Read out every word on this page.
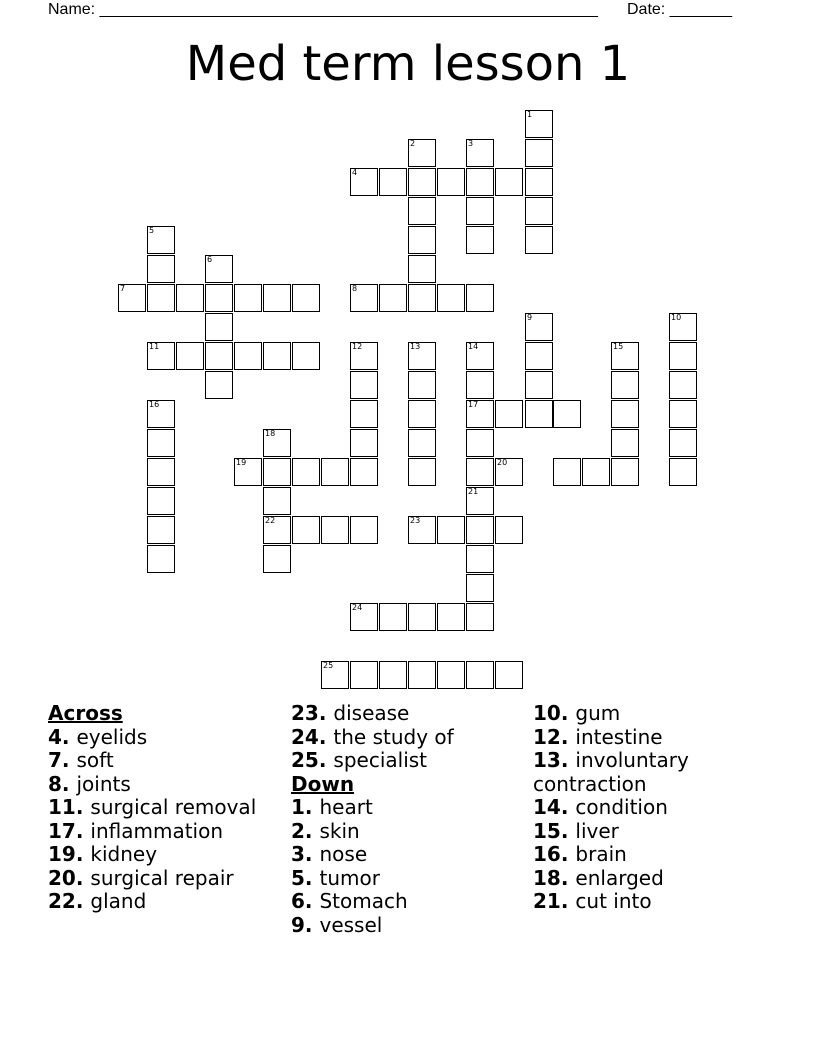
Name: ________________________________________________________ Date: _______
Med term lesson 1
1
2	3
4
5
6
7	8
9	10
11	12	13	14
17
15
16
18
22
19	20
21
23
24
25
Across
4. eyelids
7. soft
8. joints
11. surgical removal
17. inflammation
19. kidney
20. surgical repair
22. gland
23. disease
24. the study of
25. specialist
Down
1. heart
2. skin
3. nose
5. tumor
6. Stomach
9. vessel
10. gum
12. intestine
13. involuntary contraction
14. condition
15. liver
16. brain
18. enlarged
21. cut into
